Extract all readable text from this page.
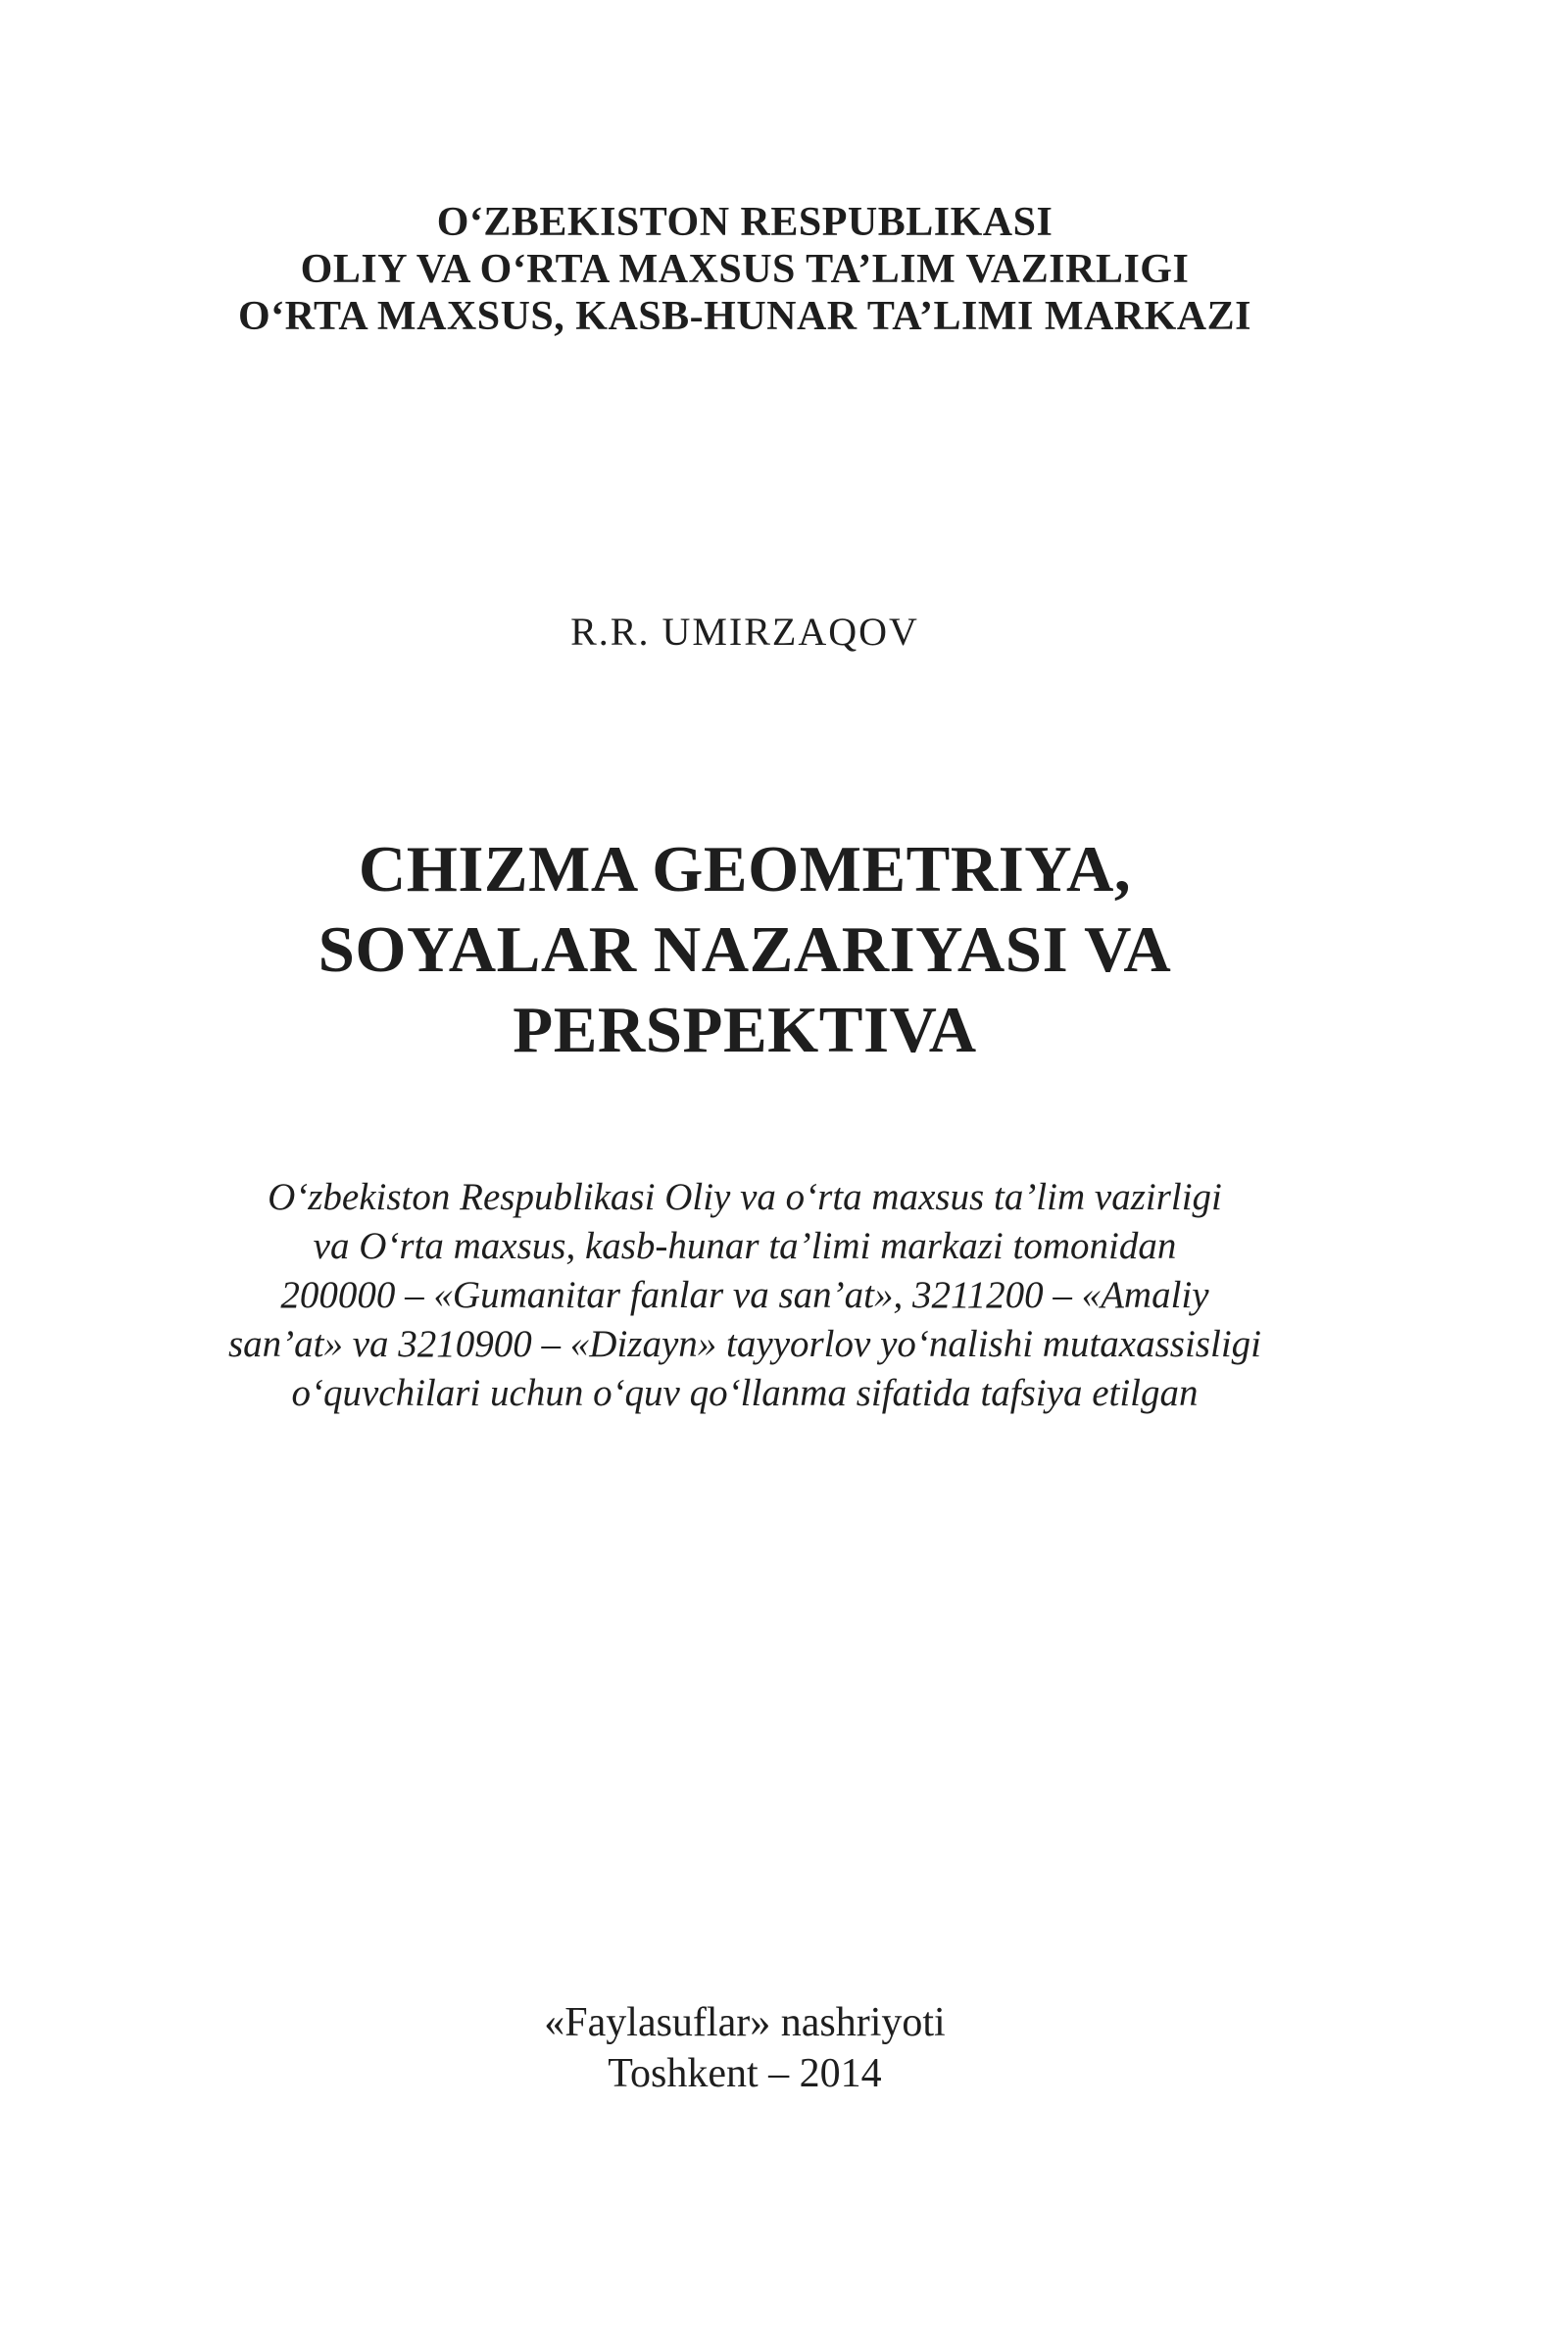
O‘ZBEKISTON RESPUBLIKASI
OLIY VA O‘RTA MAXSUS TA’LIM VAZIRLIGI
O‘RTA MAXSUS, KASB-HUNAR TA’LIMI MARKAZI
R.R. UMIRZAQOV
CHIZMA GEOMETRIYA,
SOYALAR NAZARIYASI VA
PERSPEKTIVA
O‘zbekiston Respublikasi Oliy va o‘rta maxsus ta’lim vazirligi
va O‘rta maxsus, kasb-hunar ta’limi markazi tomonidan
200000 – «Gumanitar fanlar va san’at», 3211200 – «Amaliy
san’at» va 3210900 – «Dizayn» tayyorlov yo‘nalishi mutaxassisligi
o‘quvchilari uchun o‘quv qo‘llanma sifatida tafsiya etilgan
«Faylasuflar» nashriyoti
Toshkent – 2014
